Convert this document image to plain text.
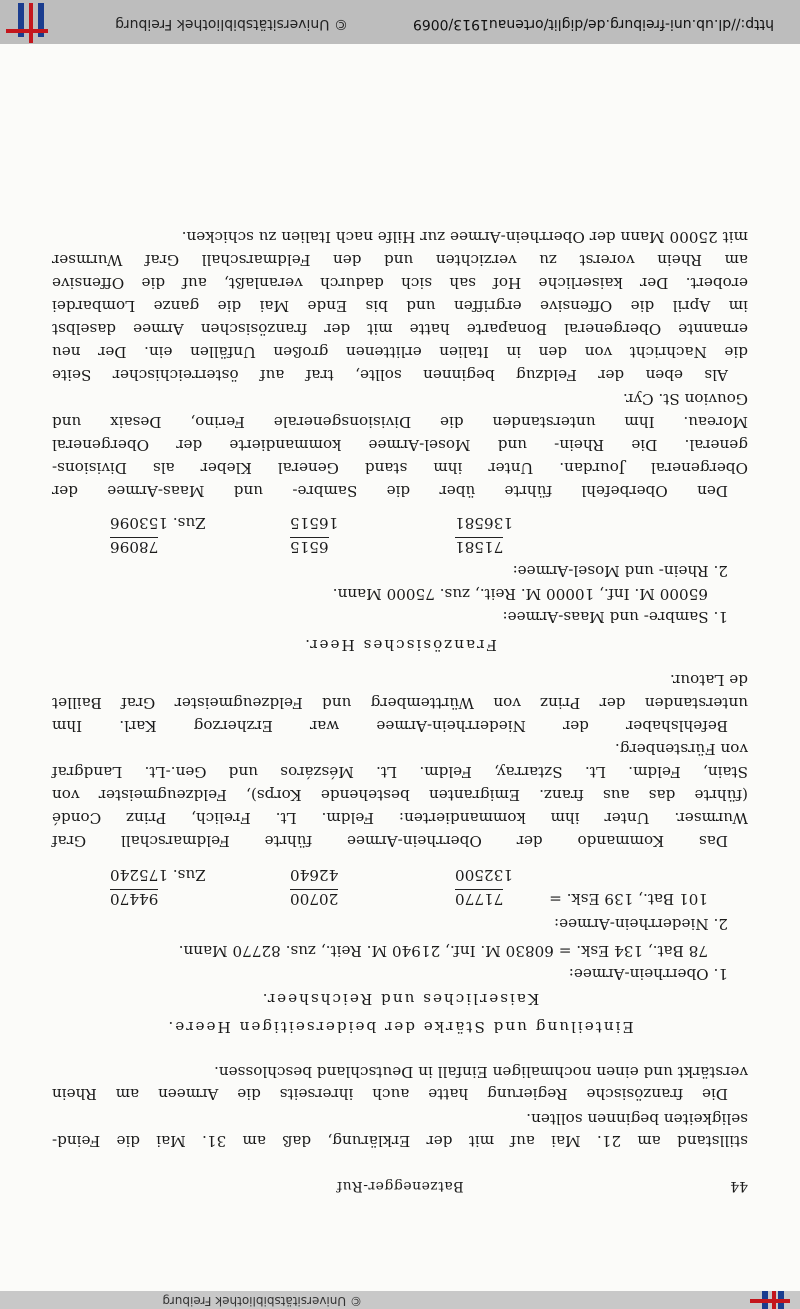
© Universitätsbibliothek Freiburg
44
Batzenegger-Ruf
stillstand am 21. Mai auf mit der Erklärung, daß am 31. Mai die Feind-
seligkeiten beginnen sollten.
Die französische Regierung hatte auch ihrerseits die Armeen am Rhein
verstärkt und einen nochmaligen Einfall in Deutschland beschlossen.
Einteilung und Stärke der beiderseitigen Heere.
Kaiserliches und Reichsheer.
1. Oberrhein-Armee:
78 Bat., 134 Esk. = 60830 M. Inf., 21940 M. Reit., zus. 82770 Mann.
2. Niederrhein-Armee:
101 Bat., 139 Esk. =
71770
20700
94470
132500
42640
Zus. 175240
Das Kommando der Oberrhein-Armee führte Feldmarschall Graf
Wurmser. Unter ihm kommandierten: Feldm. Lt. Frelich, Prinz Condé
(führte das aus franz. Emigranten bestehende Korps), Feldzeugmeister von
Stain, Feldm. Lt. Sztarray, Feldm. Lt. Mészáros und Gen.-Lt. Landgraf
von Fürstenberg.
Befehlshaber der Niederrhein-Armee war Erzherzog Karl. Ihm
unterstanden der Prinz von Württemberg und Feldzeugmeister Graf Baillet
de Latour.
Französisches Heer.
1. Sambre- und Maas-Armee:
65000 M. Inf., 10000 M. Reit., zus. 75000 Mann.
2. Rhein- und Mosel-Armee:
71581
6515
78096
136581
16515
Zus. 153096
Den Oberbefehl führte über die Sambre- und Maas-Armee der
Obergeneral Jourdan. Unter ihm stand General Kleber als Divisions-
general. Die Rhein- und Mosel-Armee kommandierte der Obergeneral
Moreau. Ihm unterstanden die Divisionsgenerale Ferino, Desaix und
Gouvion St. Cyr.
Als eben der Feldzug beginnen sollte, traf auf österreichischer Seite
die Nachricht von den in Italien erlittenen großen Unfällen ein. Der neu
ernannte Obergeneral Bonaparte hatte mit der französischen Armee daselbst
im April die Offensive ergriffen und bis Ende Mai die ganze Lombardei
erobert. Der kaiserliche Hof sah sich dadurch veranlaßt, auf die Offensive
am Rhein vorerst zu verzichten und den Feldmarschall Graf Wurmser
mit 25000 Mann der Oberrhein-Armee zur Hilfe nach Italien zu schicken.
http://dl.ub.uni-freiburg.de/diglit/ortenau1913/0069
© Universitätsbibliothek Freiburg
